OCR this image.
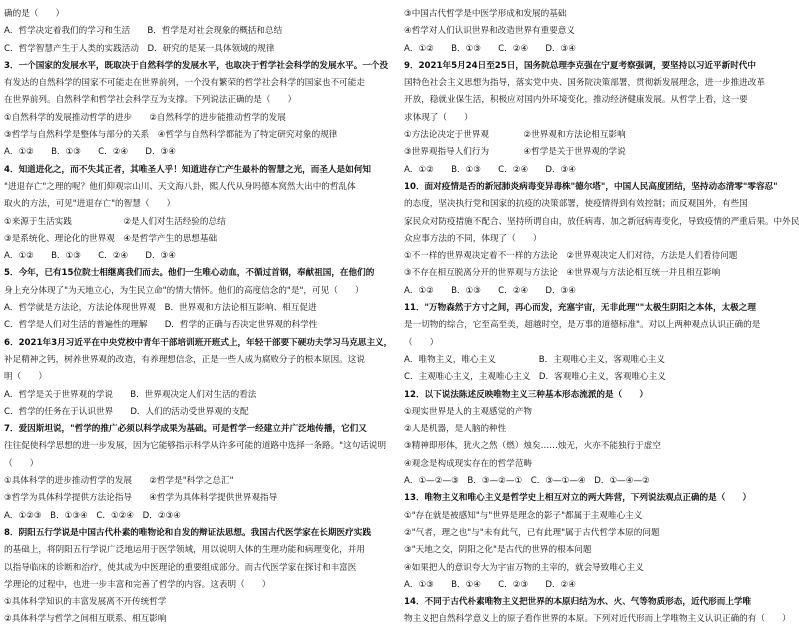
确的是（　　）
A．哲学决定着我们的学习和生活　　B．哲学是对社会现象的概括和总结
C．哲学智慧产生于人类的实践活动　D．研究的是某一具体领域的规律
3．一个国家的发展水平，既取决于自然科学的发展水平，也取决于哲学社会科学的发展水平。一个没
有发达的自然科学的国家不可能走在世界前列，一个没有繁荣的哲学社会科学的国家也不可能走
在世界前列。自然科学和哲学社会科学互为支撑。下列说法正确的是（　　）
①自然科学的发展推动哲学的进步　　②自然科学的进步能推动哲学的发展
③哲学与自然科学是整体与部分的关系　④哲学与自然科学都能为了特定研究对象的规律
A．①②　　B．①③　　C．②④　　D．③④
4．知道进化之，而不失其正者，其唯圣人乎！知道进存亡产生最朴的智慧之光，而圣人是如何知
"进退存亡"之理的呢？他们仰观宗山川、天文海八卦，熙人代从身吗德本窝然大出中的哲乱体
取火的方法，可见"进退存亡"的智慧（　　）
①来源于生活实践　　　　　　②是人们对生活经验的总结
③是系统化、理论化的世界观　④是哲学产生的思想基础
A．①②　　B．①③　　C．②④　　D．③④
5．今年，已有15位院士相继离我们而去。他们一生唯心动血，不循过首钢，奉献祖国，在他们的
身上充分体现了"为天地立心，为生民立命"的情大情怀。他们的高度信念的"是"，可见（　　）
A．哲学就是方法论，方法论体现世界观　B．世界观和方法论相互影响、相互促进
C．哲学是人们对生活的普遍性的理解　　D．哲学的正确与否决定世界观的科学性
6．2021年3月习近平在中央党校中青年干部培训班开班式上，年轻干部要下硬功夫学习马克思主义，
补足精神之钙，树养世界观的改造，有养理想信念，正是一些人成为腐败分子的根本原因。这说
明（　　）
A．哲学是关于世界观的学说　　B．世界观决定人们对生活的看法
C．哲学的任务在于认识世界　　D．人们的活动受世界观的支配
7．爱因斯坦说，"哲学的推广必须以科学成果为基础。可是哲学一经建立并广泛地传播，它们又
往往促使科学思想的进一步发展，因为它能够指示科学从许多可能的道路中选择一条路。"这句话说明
（　　）
①具体科学的进步推动哲学的发展　　②哲学是"科学之总汇"
③哲学为具体科学提供方法论指导　　④哲学为具体科学提供世界观指导
A．①②③　B．①③④　C．①②④　D．②③④
8．阴阳五行学说是中国古代朴素的唯物论和自发的辩证法思想。我国古代医学家在长期医疗实践
的基础上，将阴阳五行学说广泛地运用于医学领域，用以说明人体的生理功能和病理变化，并用
以指导临床的诊断和治疗，使其成为中医理论的重要组成部分。而古代医学家在探讨和丰富医
学理论的过程中，也进一步丰富和完善了哲学的内容。这表明（　　）
①具体科学知识的丰富发展离不开传统哲学
②具体科学与哲学之间相互联系、相互影响
③中国古代哲学是中医学形成和发展的基础
④哲学对人们认识世界和改造世界有重要意义
A．①②　　B．①③　　C．②④　　D．③④
9．2021年5月24日至25日，国务院总理李克强在宁夏考察强调，要坚持以习近平新时代中
国特色社会主义思想为指导，落实党中央、国务院决策部署，贯彻新发展理念，进一步推进改革
开放，稳就业保生活，积极应对国内外环境变化，推动经济健康发展。从哲学上看，这一要
求体现了（　　）
①方法论决定于世界观　　　　②世界观和方法论相互影响
③世界观指导人们行为　　　　④哲学是关于世界观的学说
A．①②　　B．①③　　C．②④　　D．③④
10．面对疫情是否的新冠肺炎病毒变异毒株"德尔塔"，中国人民高度团结，坚持动态清零"零容忍"
的态度，坚决执行党和国家的抗疫的决策部署，使疫情得到有效控制；而反观国外，有些国
家民众对防疫措施不配合、坚持所谓自由，放任病毒、加之新冠病毒变化，导致疫情的严重后果。中外民
众应事方法的不同，体现了（　　）
①不一样的世界观决定着不一样的方法论　②世界观决定人们对待，方法是人们看待问题
③不存在相互脱离分开的世界观与方法论　④世界观与方法论相互统一并且相互影响
A．①②　　B．①③　　C．②④　　D．③④
11．"万物森然于方寸之间，再心而发，充塞宇宙，无非此理""太极生阴阳之本体，太极之理
是一切物的综合，它至高至美，超越时空，是万事的道德标准"。对以上两种观点认识正确的是
（　　）
A．唯物主义，唯心主义　　　　　B．主观唯心主义，客观唯心主义
C．主观唯心主义，主观唯心主义　D．客观唯心主义，客观唯心主义
12．以下说法陈述反映唯物主义三种基本形态流派的是（　　）
①现实世界是人的主观感觉的产物
②人是机器，是人脑的种性
③精神即形体，犹火之然（燃）烛矣……烛无，火亦不能独行于虚空
④观念是构成现实存在的哲学范畴
A．①—②—③　B．③—②—①　C．③—①—④　D．①—④—②
13．唯物主义和唯心主义是哲学史上相互对立的两大阵营，下列说法观点正确的是（　　）
①"存在就是被感知"与"世界是理念的影子"都属于主观唯心主义
②"气者，理之也"与"未有此气，已有此理"属于古代哲学本原的问题
③"天地之交，阴阳之化"是古代的世界的根本问题
④如果把人的意识夸大为宇宙万物的主宰的，就会导致唯心主义
A．①③　　B．①④　　C．②③　　D．②④
14．不同于古代朴素唯物主义把世界的本原归结为水、火、气等物质形态，近代形而上学唯
物主义把自然科学意义上的原子看作世界的本原。下列对近代形而上学唯物主义认识正确的有（　　）
